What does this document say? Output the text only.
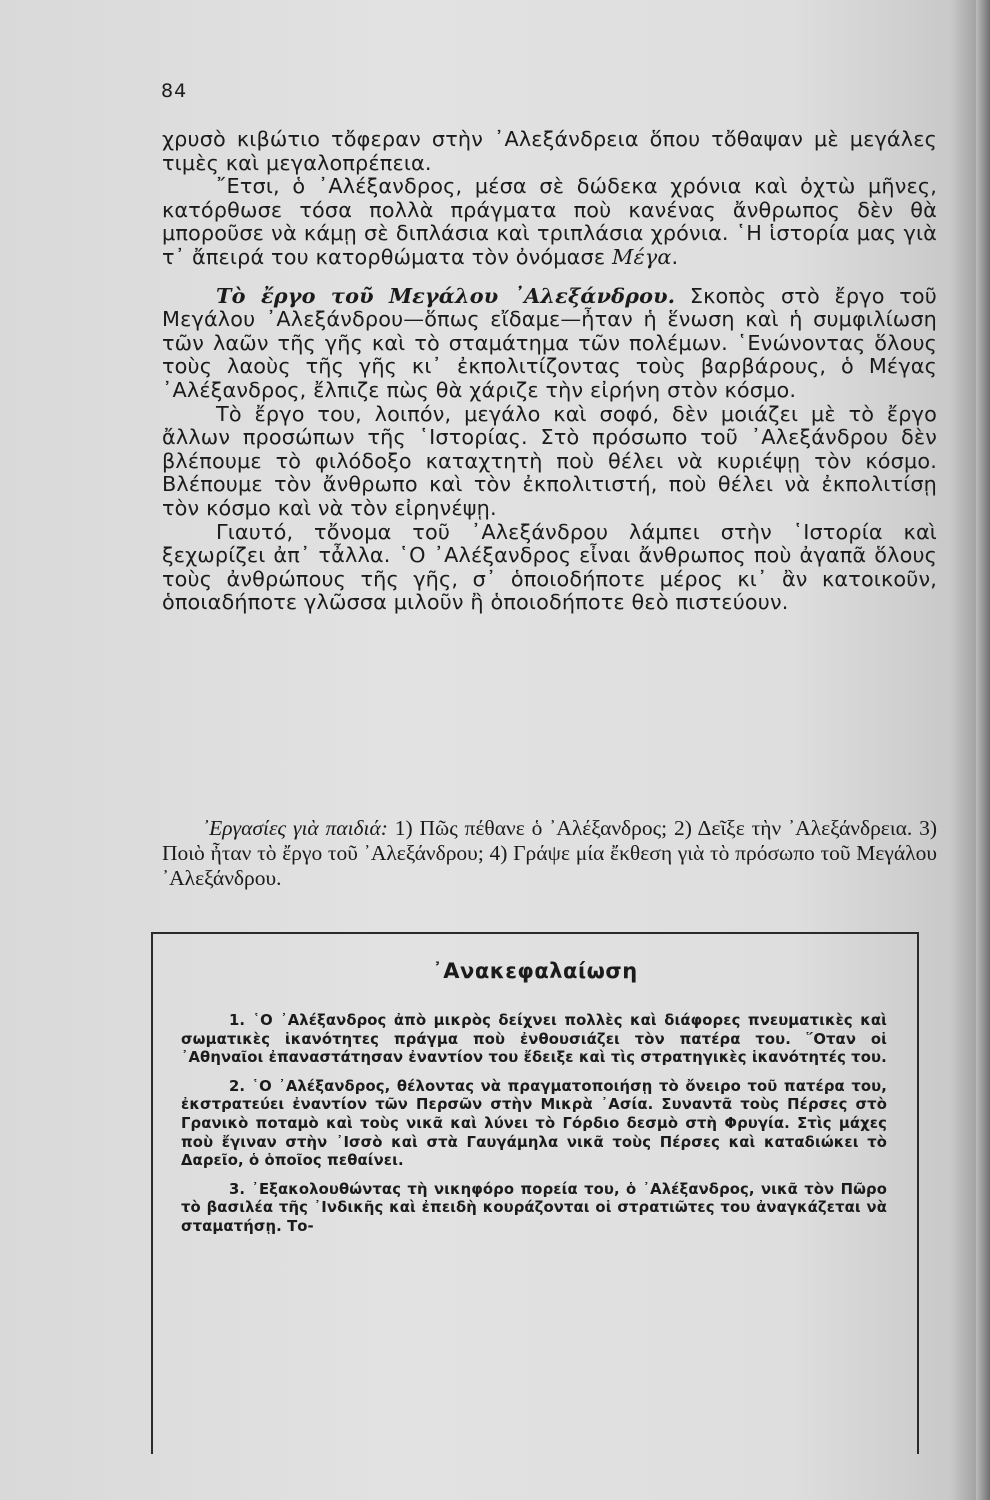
84

χρυσὸ κιβώτιο τὄφεραν στὴν ᾿Αλεξάνδρεια ὅπου τὄθαψαν μὲ μεγάλες τιμὲς καὶ μεγαλοπρέπεια.

῎Ετσι, ὁ ᾿Αλέξανδρος, μέσα σὲ δώδεκα χρόνια καὶ ὀχτὼ μῆνες, κατόρθωσε τόσα πολλὰ πράγματα ποὺ κανένας ἄνθρωπος δὲν θὰ μποροῦσε νὰ κάμῃ σὲ διπλάσια καὶ τριπλάσια χρόνια. ῾Η ἱστορία μας γιὰ τ᾿ ἄπειρά του κατορθώματα τὸν ὀνόμασε Μέγα.

Τὸ ἔργο τοῦ Μεγάλου ᾿Αλεξάνδρου. Σκοπὸς στὸ ἔργο τοῦ Μεγάλου ᾿Αλεξάνδρου—ὅπως εἴδαμε—ἦταν ἡ ἕνωση καὶ ἡ συμφιλίωση τῶν λαῶν τῆς γῆς καὶ τὸ σταμάτημα τῶν πολέμων. ῾Ενώνοντας ὅλους τοὺς λαοὺς τῆς γῆς κι᾿ ἐκπολιτίζοντας τοὺς βαρβάρους, ὁ Μέγας ᾿Αλέξανδρος, ἔλπιζε πὼς θὰ χάριζε τὴν εἰρήνη στὸν κόσμο.

Τὸ ἔργο του, λοιπόν, μεγάλο καὶ σοφό, δὲν μοιάζει μὲ τὸ ἔργο ἄλλων προσώπων τῆς ῾Ιστορίας. Στὸ πρόσωπο τοῦ ᾿Αλεξάνδρου δὲν βλέπουμε τὸ φιλόδοξο καταχτητὴ ποὺ θέλει νὰ κυριέψῃ τὸν κόσμο. Βλέπουμε τὸν ἄνθρωπο καὶ τὸν ἐκπολιτιστή, ποὺ θέλει νὰ ἐκπολιτίσῃ τὸν κόσμο καὶ νὰ τὸν εἰρηνέψῃ.

Γιαυτό, τὄνομα τοῦ ᾿Αλεξάνδρου λάμπει στὴν ῾Ιστορία καὶ ξεχωρίζει ἀπ᾿ τἆλλα. ῾Ο ᾿Αλέξανδρος εἶναι ἄνθρωπος ποὺ ἀγαπᾶ ὅλους τοὺς ἀνθρώπους τῆς γῆς, σ᾿ ὁποιοδήποτε μέρος κι᾿ ἂν κατοικοῦν, ὁποιαδήποτε γλῶσσα μιλοῦν ἢ ὁποιοδήποτε θεὸ πιστεύουν.

᾿Εργασίες γιὰ παιδιά: 1) Πῶς πέθανε ὁ ᾿Αλέξανδρος; 2) Δεῖξε τὴν ᾿Αλεξάνδρεια. 3) Ποιὸ ἦταν τὸ ἔργο τοῦ ᾿Αλεξάνδρου; 4) Γράψε μία ἔκθεση γιὰ τὸ πρόσωπο τοῦ Μεγάλου ᾿Αλεξάνδρου.

᾿Ανακεφαλαίωση

1. ῾Ο ᾿Αλέξανδρος ἀπὸ μικρὸς δείχνει πολλὲς καὶ διάφορες πνευματικὲς καὶ σωματικὲς ἱκανότητες πράγμα ποὺ ἐνθουσιάζει τὸν πατέρα του. ῞Οταν οἱ ᾿Αθηναῖοι ἐπαναστάτησαν ἐναντίον του ἔδειξε καὶ τὶς στρατηγικὲς ἱκανότητές του.

2. ῾Ο ᾿Αλέξανδρος, θέλοντας νὰ πραγματοποιήσῃ τὸ ὄνειρο τοῦ πατέρα του, ἐκστρατεύει ἐναντίον τῶν Περσῶν στὴν Μικρὰ ᾿Ασία. Συναντᾶ τοὺς Πέρσες στὸ Γρανικὸ ποταμὸ καὶ τοὺς νικᾶ καὶ λύνει τὸ Γόρδιο δεσμὸ στὴ Φρυγία. Στὶς μάχες ποὺ ἔγιναν στὴν ᾿Ισσὸ καὶ στὰ Γαυγάμηλα νικᾶ τοὺς Πέρσες καὶ καταδιώκει τὸ Δαρεῖο, ὁ ὁποῖος πεθαίνει.

3. ᾿Εξακολουθώντας τὴ νικηφόρο πορεία του, ὁ ᾿Αλέξανδρος, νικᾶ τὸν Πῶρο τὸ βασιλέα τῆς ᾿Ινδικῆς καὶ ἐπειδὴ κουράζονται οἱ στρατιῶτες του ἀναγκάζεται νὰ σταματήσῃ. Το-
